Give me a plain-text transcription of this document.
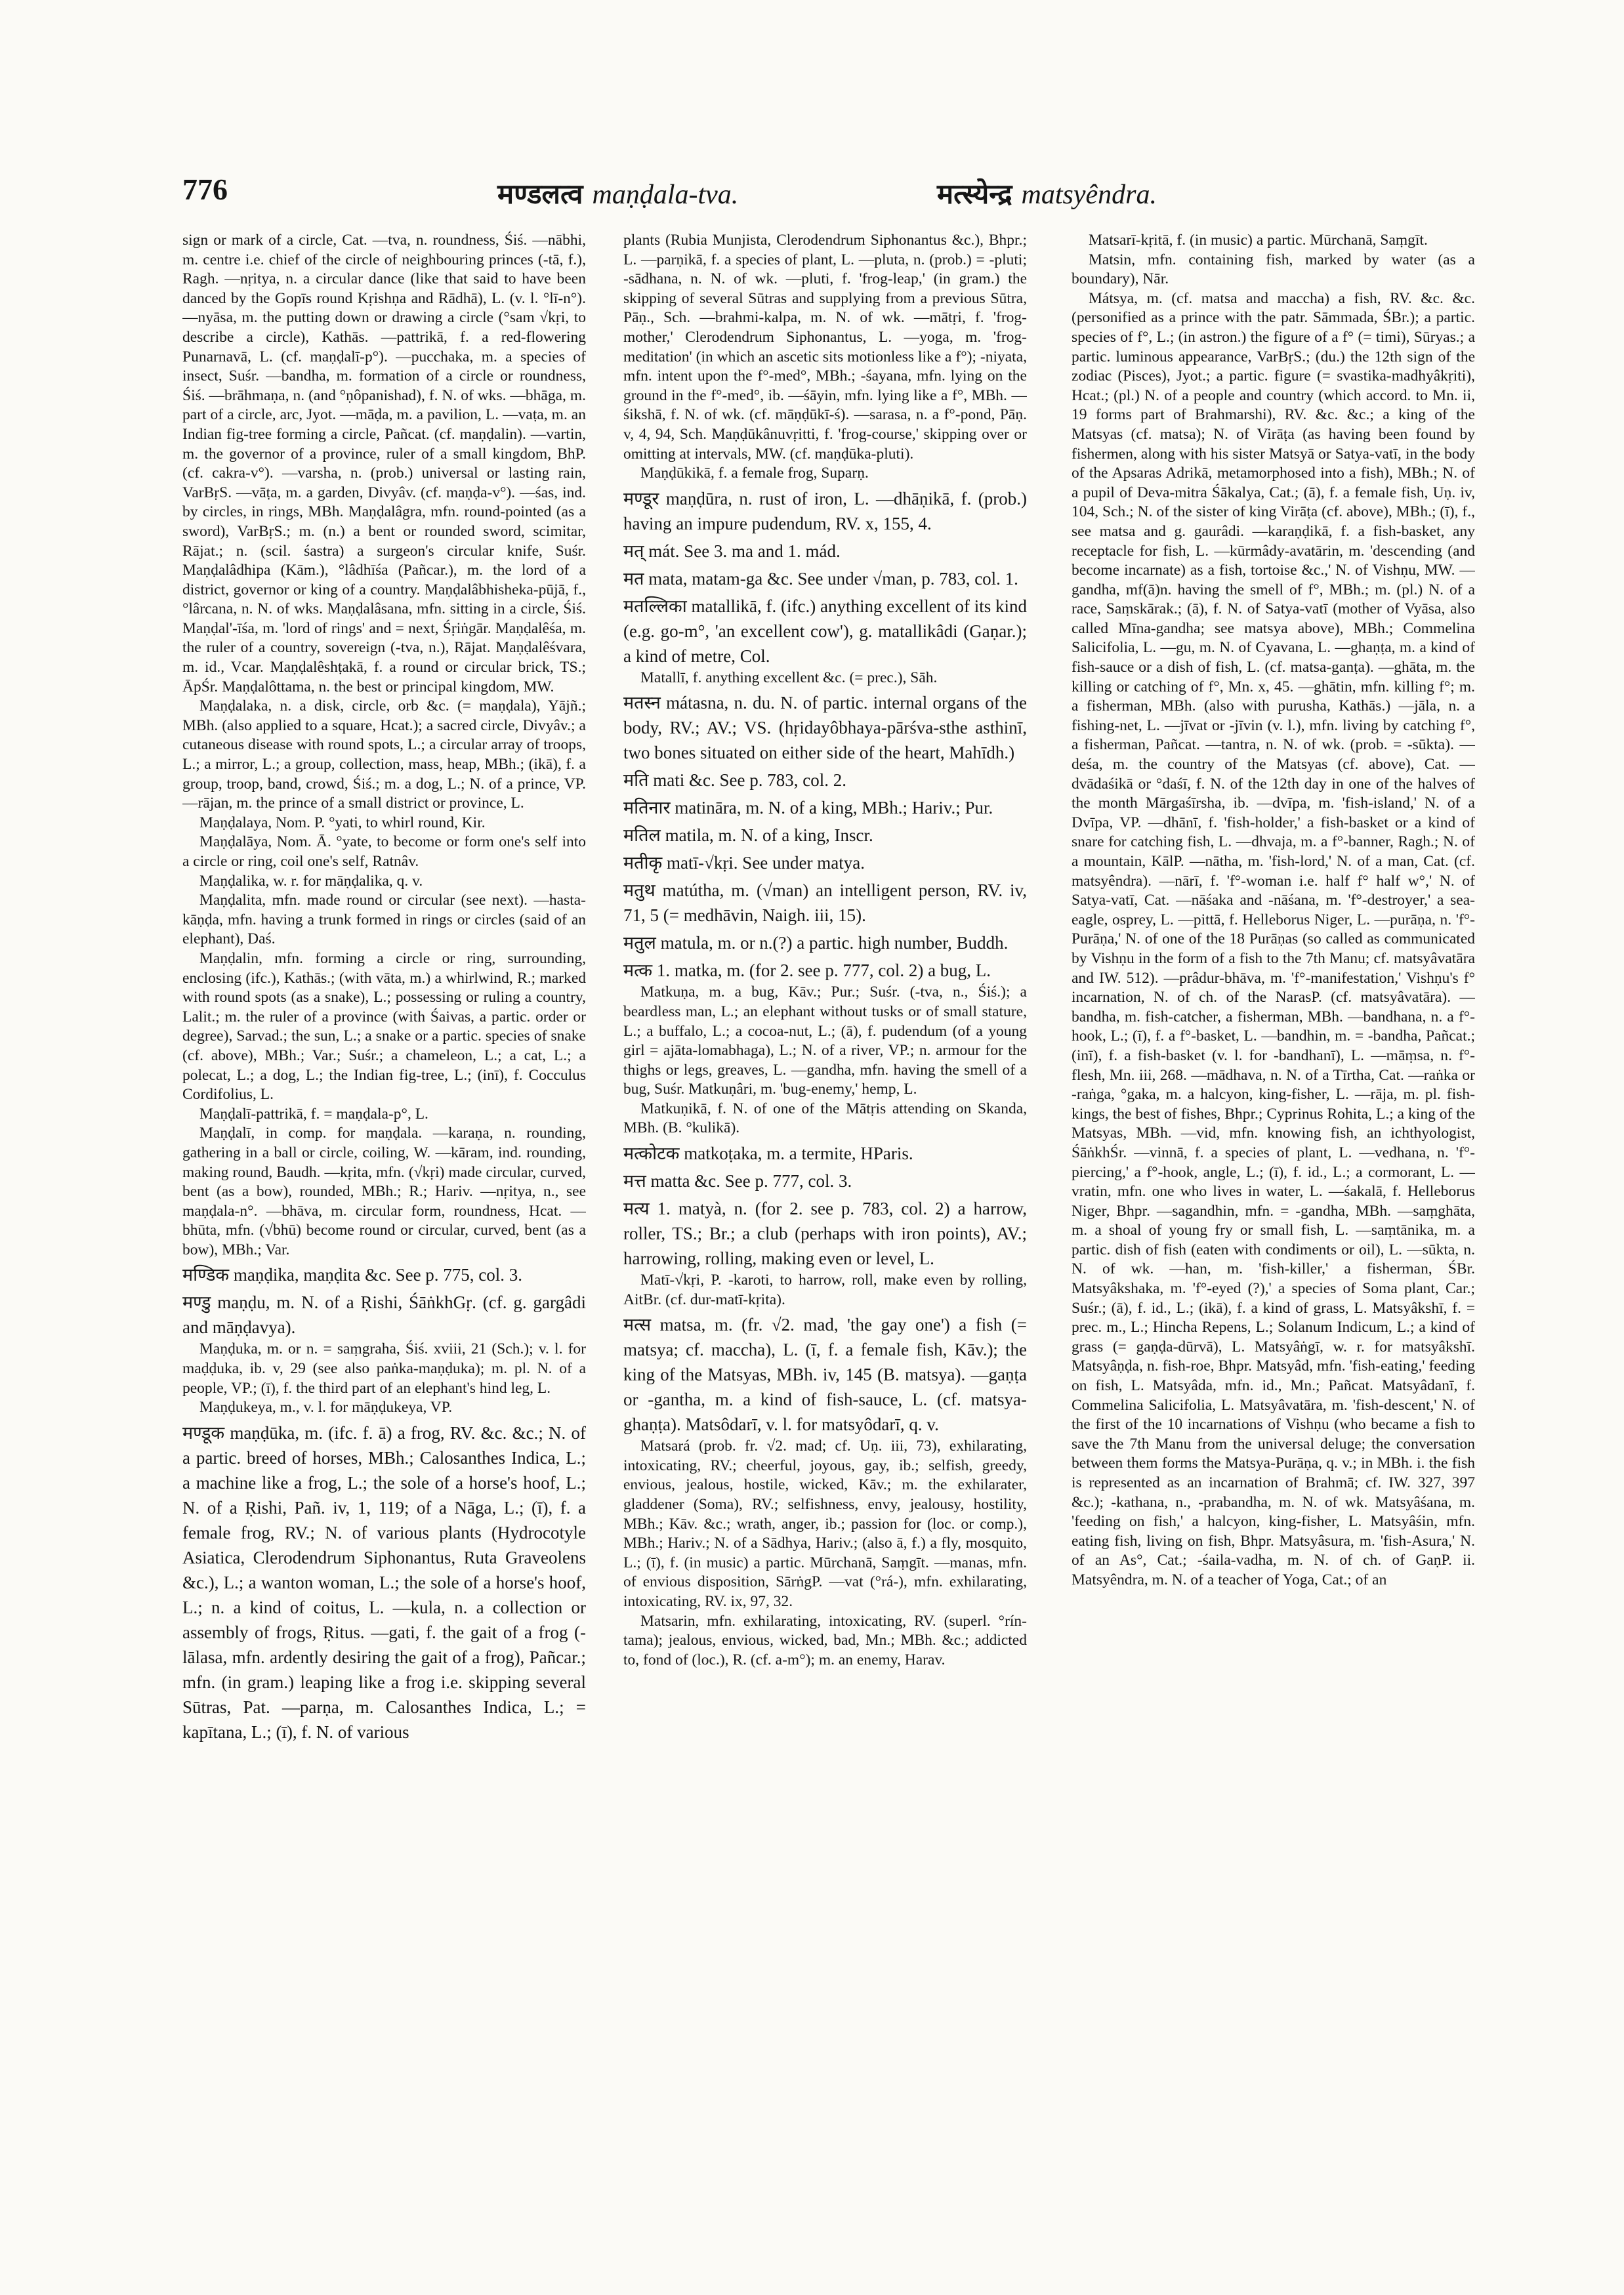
776	मण्डलत्व maṇḍala-tva.	मत्स्येन्द्र matsyêndra.

sign or mark of a circle, Cat. —tva, n. roundness, Śiś. —nābhi, m. centre i.e. chief of the circle of neighbouring princes (-tā, f.), Ragh. —nṛitya, n. a circular dance (like that said to have been danced by the Gopīs round Kṛishṇa and Rādhā), L. (v. l. °lī-n°). —nyāsa, m. the putting down or drawing a circle (°sam √kṛi, to describe a circle), Kathās. —pattrikā, f. a red-flowering Punarnavā, L. (cf. maṇḍalī-p°). —pucchaka, m. a species of insect, Suśr. —bandha, m. formation of a circle or roundness, Śiś. —brāhmaṇa, n. (and °ṇôpanishad), f. N. of wks. —bhāga, m. part of a circle, arc, Jyot. —māḍa, m. a pavilion, L. —vaṭa, m. an Indian fig-tree forming a circle, Pañcat. (cf. maṇḍalin). —vartin, m. the governor of a province, ruler of a small kingdom, BhP. (cf. cakra-v°). —varsha, n. (prob.) universal or lasting rain, VarBṛS. —vāṭa, m. a garden, Divyâv. (cf. maṇḍa-v°). —śas, ind. by circles, in rings, MBh. Maṇḍalâgra, mfn. round-pointed (as a sword), VarBṛS.; m. (n.) a bent or rounded sword, scimitar, Rājat.; n. (scil. śastra) a surgeon's circular knife, Suśr. Maṇḍalâdhipa (Kām.), °lâdhīśa (Pañcar.), m. the lord of a district, governor or king of a country. Maṇḍalâbhisheka-pūjā, f., °lârcana, n. N. of wks. Maṇḍalâsana, mfn. sitting in a circle, Śiś. Maṇḍal'-īśa, m. 'lord of rings' and = next, Śṛiṅgār. Maṇḍalêśa, m. the ruler of a country, sovereign (-tva, n.), Rājat. Maṇḍalêśvara, m. id., Vcar. Maṇḍalêshṭakā, f. a round or circular brick, TS.; ĀpŚr. Maṇḍalôttama, n. the best or principal kingdom, MW.

Maṇḍalaka, n. a disk, circle, orb &c. (= maṇḍala), Yājñ.; MBh. (also applied to a square, Hcat.); a sacred circle, Divyâv.; a cutaneous disease with round spots, L.; a circular array of troops, L.; a mirror, L.; a group, collection, mass, heap, MBh.; (ikā), f. a group, troop, band, crowd, Śiś.; m. a dog, L.; N. of a prince, VP. —rājan, m. the prince of a small district or province, L.

Maṇḍalaya, Nom. P. °yati, to whirl round, Kir.

Maṇḍalāya, Nom. Ā. °yate, to become or form one's self into a circle or ring, coil one's self, Ratnâv.

Maṇḍalika, w. r. for māṇḍalika, q. v.

Maṇḍalita, mfn. made round or circular (see next). —hasta-kāṇḍa, mfn. having a trunk formed in rings or circles (said of an elephant), Daś.

Maṇḍalin, mfn. forming a circle or ring, surrounding, enclosing (ifc.), Kathās.; (with vāta, m.) a whirlwind, R.; marked with round spots (as a snake), L.; possessing or ruling a country, Lalit.; m. the ruler of a province (with Śaivas, a partic. order or degree), Sarvad.; the sun, L.; a snake or a partic. species of snake (cf. above), MBh.; Var.; Suśr.; a chameleon, L.; a cat, L.; a polecat, L.; a dog, L.; the Indian fig-tree, L.; (inī), f. Cocculus Cordifolius, L.

Maṇḍalī-pattrikā, f. = maṇḍala-p°, L.

Maṇḍalī, in comp. for maṇḍala. —karaṇa, n. rounding, gathering in a ball or circle, coiling, W. —kāram, ind. rounding, making round, Baudh. —kṛita, mfn. (√kṛi) made circular, curved, bent (as a bow), rounded, MBh.; R.; Hariv. —nṛitya, n., see maṇḍala-n°. —bhāva, m. circular form, roundness, Hcat. —bhūta, mfn. (√bhū) become round or circular, curved, bent (as a bow), MBh.; Var.

मण्डिक maṇḍika, maṇḍita &c. See p. 775, col. 3.

मण्डु maṇḍu, m. N. of a Ṛishi, ŚāṅkhGṛ. (cf. g. gargâdi and māṇḍavya).

Maṇḍuka, m. or n. = saṃgraha, Śiś. xviii, 21 (Sch.); v. l. for maḍḍuka, ib. v, 29 (see also paṅka-maṇḍuka); m. pl. N. of a people, VP.; (ī), f. the third part of an elephant's hind leg, L.

Maṇḍukeya, m., v. l. for māṇḍukeya, VP.

मण्डूक maṇḍūka, m. (ifc. f. ā) a frog, RV. &c. &c.; N. of a partic. breed of horses, MBh.; Calosanthes Indica, L.; a machine like a frog, L.; the sole of a horse's hoof, L.; N. of a Ṛishi, Pañ. iv, 1, 119; of a Nāga, L.; (ī), f. a female frog, RV.; N. of various plants (Hydrocotyle Asiatica, Clerodendrum Siphonantus, Ruta Graveolens &c.), L.; a wanton woman, L.; the sole of a horse's hoof, L.; n. a kind of coitus, L. —kula, n. a collection or assembly of frogs, Ṛitus. —gati, f. the gait of a frog (-lālasa, mfn. ardently desiring the gait of a frog), Pañcar.; mfn. (in gram.) leaping like a frog i.e. skipping several Sūtras, Pat. —parṇa, m. Calosanthes Indica, L.; = kapītana, L.; (ī), f. N. of various

plants (Rubia Munjista, Clerodendrum Siphonantus &c.), Bhpr.; L. —parṇikā, f. a species of plant, L. —pluta, n. (prob.) = -pluti; -sādhana, n. N. of wk. —pluti, f. 'frog-leap,' (in gram.) the skipping of several Sūtras and supplying from a previous Sūtra, Pāṇ., Sch. —brahmi-kalpa, m. N. of wk. —mātṛi, f. 'frog-mother,' Clerodendrum Siphonantus, L. —yoga, m. 'frog-meditation' (in which an ascetic sits motionless like a f°); -niyata, mfn. intent upon the f°-med°, MBh.; -śayana, mfn. lying on the ground in the f°-med°, ib. —śāyin, mfn. lying like a f°, MBh. —śikshā, f. N. of wk. (cf. māṇḍūkī-ś). —sarasa, n. a f°-pond, Pāṇ. v, 4, 94, Sch. Maṇḍūkânuvṛitti, f. 'frog-course,' skipping over or omitting at intervals, MW. (cf. maṇḍūka-pluti).

Maṇḍūkikā, f. a female frog, Suparṇ.

मण्डूर maṇḍūra, n. rust of iron, L. —dhāṇikā, f. (prob.) having an impure pudendum, RV. x, 155, 4.

मत् mát. See 3. ma and 1. mád.

मत mata, matam-ga &c. See under √man, p. 783, col. 1.

मतल्लिका matallikā, f. (ifc.) anything excellent of its kind (e.g. go-m°, 'an excellent cow'), g. matallikâdi (Gaṇar.); a kind of metre, Col.

Matallī, f. anything excellent &c. (= prec.), Sāh.

मतस्न mátasna, n. du. N. of partic. internal organs of the body, RV.; AV.; VS. (hṛidayôbhaya-pārśva-sthe asthinī, two bones situated on either side of the heart, Mahīdh.)

मति mati &c. See p. 783, col. 2.

मतिनार matināra, m. N. of a king, MBh.; Hariv.; Pur.

मतिल matila, m. N. of a king, Inscr.

मतीकृ matī-√kṛi. See under matya.

मतुथ matútha, m. (√man) an intelligent person, RV. iv, 71, 5 (= medhāvin, Naigh. iii, 15).

मतुल matula, m. or n.(?) a partic. high number, Buddh.

मत्क 1. matka, m. (for 2. see p. 777, col. 2) a bug, L.

Matkuṇa, m. a bug, Kāv.; Pur.; Suśr. (-tva, n., Śiś.); a beardless man, L.; an elephant without tusks or of small stature, L.; a buffalo, L.; a cocoa-nut, L.; (ā), f. pudendum (of a young girl = ajāta-lomabhaga), L.; N. of a river, VP.; n. armour for the thighs or legs, greaves, L. —gandha, mfn. having the smell of a bug, Suśr. Matkuṇâri, m. 'bug-enemy,' hemp, L.

Matkuṇikā, f. N. of one of the Mātṛis attending on Skanda, MBh. (B. °kulikā).

मत्कोटक matkoṭaka, m. a termite, HParis.

मत्त matta &c. See p. 777, col. 3.

मत्य 1. matyà, n. (for 2. see p. 783, col. 2) a harrow, roller, TS.; Br.; a club (perhaps with iron points), AV.; harrowing, rolling, making even or level, L.

Matī-√kṛi, P. -karoti, to harrow, roll, make even by rolling, AitBr. (cf. dur-matī-kṛita).

मत्स matsa, m. (fr. √2. mad, 'the gay one') a fish (= matsya; cf. maccha), L. (ī, f. a female fish, Kāv.); the king of the Matsyas, MBh. iv, 145 (B. matsya). —gaṇṭa or -gantha, m. a kind of fish-sauce, L. (cf. matsya-ghaṇṭa). Matsôdarī, v. l. for matsyôdarī, q. v.

Matsará (prob. fr. √2. mad; cf. Uṇ. iii, 73), exhilarating, intoxicating, RV.; cheerful, joyous, gay, ib.; selfish, greedy, envious, jealous, hostile, wicked, Kāv.; m. the exhilarater, gladdener (Soma), RV.; selfishness, envy, jealousy, hostility, MBh.; Kāv. &c.; wrath, anger, ib.; passion for (loc. or comp.), MBh.; Hariv.; N. of a Sādhya, Hariv.; (also ā, f.) a fly, mosquito, L.; (ī), f. (in music) a partic. Mūrchanā, Saṃgīt. —manas, mfn. of envious disposition, SārṅgP. —vat (°rá-), mfn. exhilarating, intoxicating, RV. ix, 97, 32.

Matsarin, mfn. exhilarating, intoxicating, RV. (superl. °rín-tama); jealous, envious, wicked, bad, Mn.; MBh. &c.; addicted to, fond of (loc.), R. (cf. a-m°); m. an enemy, Harav.

Matsarī-kṛitā, f. (in music) a partic. Mūrchanā, Saṃgīt.

Matsin, mfn. containing fish, marked by water (as a boundary), Nār.

Mátsya, m. (cf. matsa and maccha) a fish, RV. &c. &c. (personified as a prince with the patr. Sāmmada, ŚBr.); a partic. species of f°, L.; (in astron.) the figure of a f° (= timi), Sūryas.; a partic. luminous appearance, VarBṛS.; (du.) the 12th sign of the zodiac (Pisces), Jyot.; a partic. figure (= svastika-madhyâkṛiti), Hcat.; (pl.) N. of a people and country (which accord. to Mn. ii, 19 forms part of Brahmarshi), RV. &c. &c.; a king of the Matsyas (cf. matsa); N. of Virāṭa (as having been found by fishermen, along with his sister Matsyā or Satya-vatī, in the body of the Apsaras Adrikā, metamorphosed into a fish), MBh.; N. of a pupil of Deva-mitra Śākalya, Cat.; (ā), f. a female fish, Uṇ. iv, 104, Sch.; N. of the sister of king Virāṭa (cf. above), MBh.; (ī), f., see matsa and g. gaurâdi. —karaṇḍikā, f. a fish-basket, any receptacle for fish, L. —kūrmâdy-avatārin, m. 'descending (and become incarnate) as a fish, tortoise &c.,' N. of Vishṇu, MW. —gandha, mf(ā)n. having the smell of f°, MBh.; m. (pl.) N. of a race, Saṃskārak.; (ā), f. N. of Satya-vatī (mother of Vyāsa, also called Mīna-gandha; see matsya above), MBh.; Commelina Salicifolia, L. —gu, m. N. of Cyavana, L. —ghaṇṭa, m. a kind of fish-sauce or a dish of fish, L. (cf. matsa-ganṭa). —ghāta, m. the killing or catching of f°, Mn. x, 45. —ghātin, mfn. killing f°; m. a fisherman, MBh. (also with purusha, Kathās.) —jāla, n. a fishing-net, L. —jīvat or -jīvin (v. l.), mfn. living by catching f°, a fisherman, Pañcat. —tantra, n. N. of wk. (prob. = -sūkta). —deśa, m. the country of the Matsyas (cf. above), Cat. —dvādaśikā or °daśī, f. N. of the 12th day in one of the halves of the month Mārgaśīrsha, ib. —dvīpa, m. 'fish-island,' N. of a Dvīpa, VP. —dhānī, f. 'fish-holder,' a fish-basket or a kind of snare for catching fish, L. —dhvaja, m. a f°-banner, Ragh.; N. of a mountain, KālP. —nātha, m. 'fish-lord,' N. of a man, Cat. (cf. matsyêndra). —nārī, f. 'f°-woman i.e. half f° half w°,' N. of Satya-vatī, Cat. —nāśaka and -nāśana, m. 'f°-destroyer,' a sea-eagle, osprey, L. —pittā, f. Helleborus Niger, L. —purāṇa, n. 'f°-Purāṇa,' N. of one of the 18 Purāṇas (so called as communicated by Vishṇu in the form of a fish to the 7th Manu; cf. matsyâvatāra and IW. 512). —prâdur-bhāva, m. 'f°-manifestation,' Vishṇu's f° incarnation, N. of ch. of the NarasP. (cf. matsyâvatāra). —bandha, m. fish-catcher, a fisherman, MBh. —bandhana, n. a f°-hook, L.; (ī), f. a f°-basket, L. —bandhin, m. = -bandha, Pañcat.; (inī), f. a fish-basket (v. l. for -bandhanī), L. —māṃsa, n. f°-flesh, Mn. iii, 268. —mādhava, n. N. of a Tīrtha, Cat. —raṅka or -raṅga, °gaka, m. a halcyon, king-fisher, L. —rāja, m. pl. fish-kings, the best of fishes, Bhpr.; Cyprinus Rohita, L.; a king of the Matsyas, MBh. —vid, mfn. knowing fish, an ichthyologist, ŚāṅkhŚr. —vinnā, f. a species of plant, L. —vedhana, n. 'f°-piercing,' a f°-hook, angle, L.; (ī), f. id., L.; a cormorant, L. —vratin, mfn. one who lives in water, L. —śakalā, f. Helleborus Niger, Bhpr. —sagandhin, mfn. = -gandha, MBh. —saṃghāta, m. a shoal of young fry or small fish, L. —saṃtānika, m. a partic. dish of fish (eaten with condiments or oil), L. —sūkta, n. N. of wk. —han, m. 'fish-killer,' a fisherman, ŚBr. Matsyâkshaka, m. 'f°-eyed (?),' a species of Soma plant, Car.; Suśr.; (ā), f. id., L.; (ikā), f. a kind of grass, L. Matsyâkshī, f. = prec. m., L.; Hincha Repens, L.; Solanum Indicum, L.; a kind of grass (= gaṇḍa-dūrvā), L. Matsyâṅgī, w. r. for matsyâkshī. Matsyâṇḍa, n. fish-roe, Bhpr. Matsyâd, mfn. 'fish-eating,' feeding on fish, L. Matsyâda, mfn. id., Mn.; Pañcat. Matsyâdanī, f. Commelina Salicifolia, L. Matsyâvatāra, m. 'fish-descent,' N. of the first of the 10 incarnations of Vishṇu (who became a fish to save the 7th Manu from the universal deluge; the conversation between them forms the Matsya-Purāṇa, q. v.; in MBh. i. the fish is represented as an incarnation of Brahmā; cf. IW. 327, 397 &c.); -kathana, n., -prabandha, m. N. of wk. Matsyâśana, m. 'feeding on fish,' a halcyon, king-fisher, L. Matsyâśin, mfn. eating fish, living on fish, Bhpr. Matsyâsura, m. 'fish-Asura,' N. of an As°, Cat.; -śaila-vadha, m. N. of ch. of GaṇP. ii. Matsyêndra, m. N. of a teacher of Yoga, Cat.; of an
